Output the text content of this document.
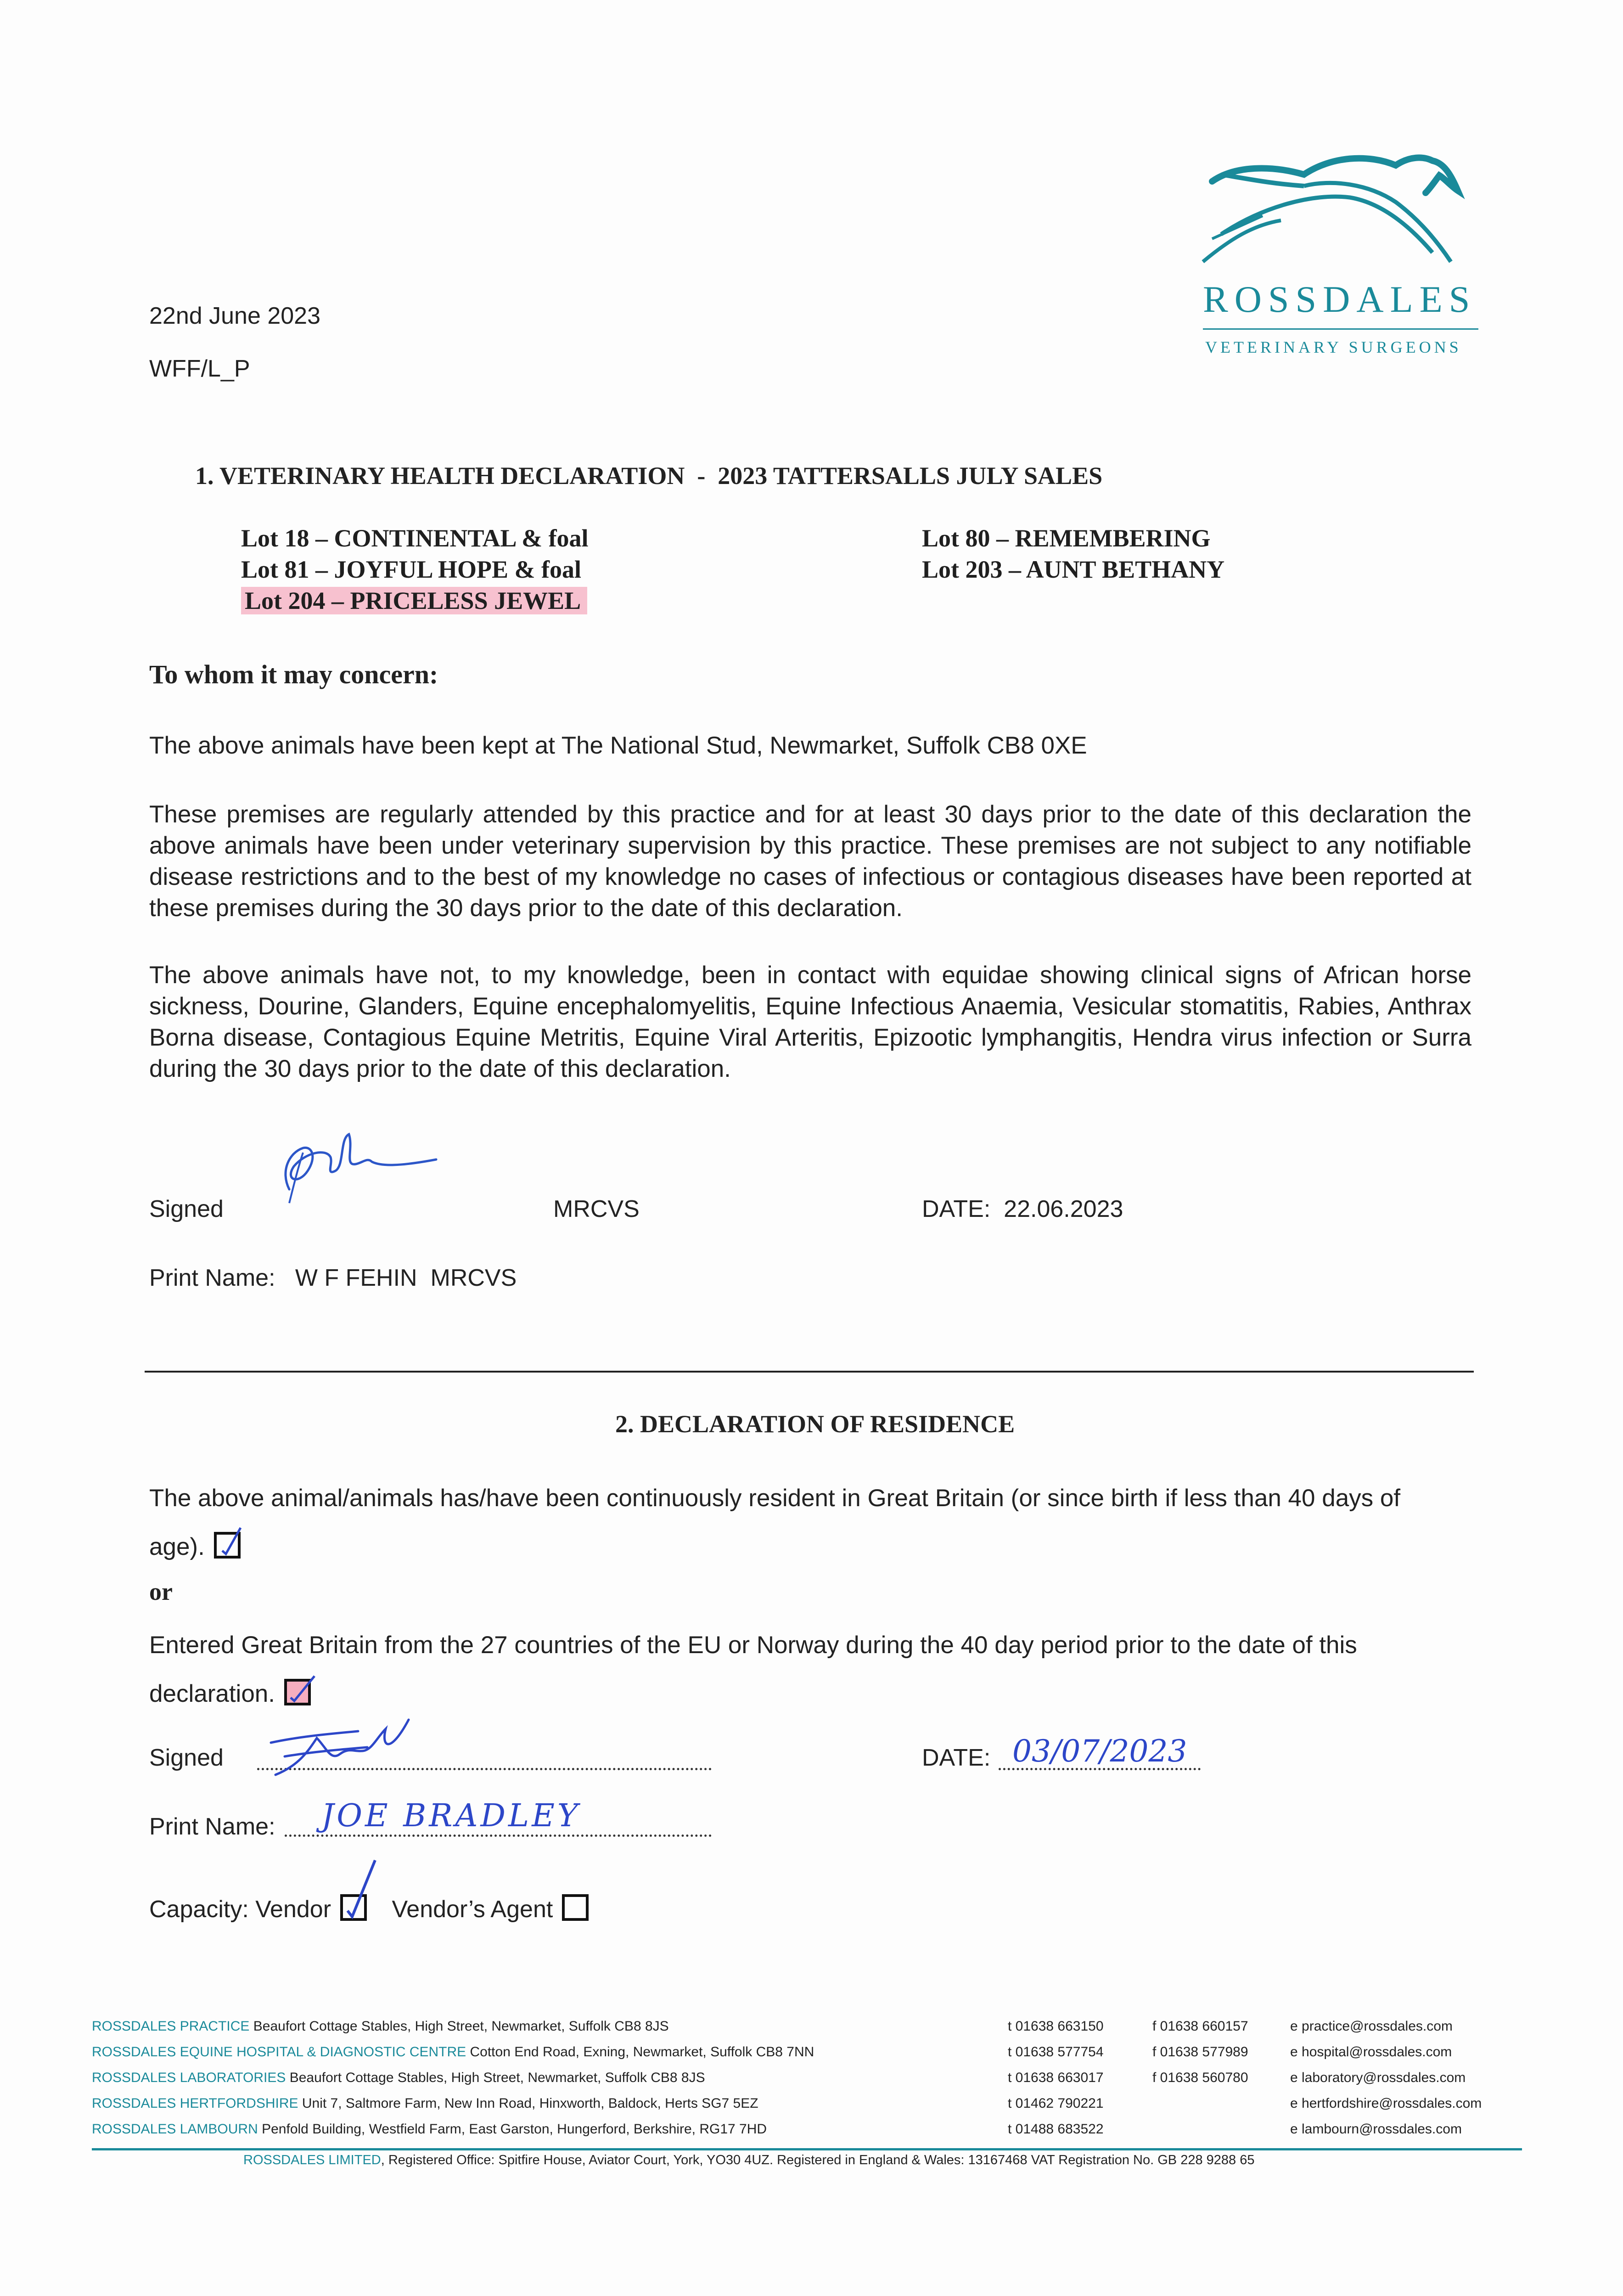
ROSSDALES
VETERINARY SURGEONS
22nd June 2023
WFF/L_P
1. VETERINARY HEALTH DECLARATION  -  2023 TATTERSALLS JULY SALES
Lot 18 – CONTINENTAL & foal
Lot 81 – JOYFUL HOPE & foal
Lot 204 – PRICELESS JEWEL
Lot 80 – REMEMBERING
Lot 203 – AUNT BETHANY
To whom it may concern:
The above animals have been kept at The National Stud, Newmarket, Suffolk CB8 0XE
These premises are regularly attended by this practice and for at least 30 days prior to the date of this declaration the above animals have been under veterinary supervision by this practice. These premises are not subject to any notifiable disease restrictions and to the best of my knowledge no cases of infectious or contagious diseases have been reported at these premises during the 30 days prior to the date of this declaration.
The above animals have not, to my knowledge, been in contact with equidae showing clinical signs of African horse sickness, Dourine, Glanders, Equine encephalomyelitis, Equine Infectious Anaemia, Vesicular stomatitis, Rabies, Anthrax Borna disease, Contagious Equine Metritis, Equine Viral Arteritis, Epizootic lymphangitis, Hendra virus infection or Surra during the 30 days prior to the date of this declaration.
Signed	MRCVS	DATE:  22.06.2023
Print Name:   W F FEHIN  MRCVS
2. DECLARATION OF RESIDENCE
The above animal/animals has/have been continuously resident in Great Britain (or since birth if less than 40 days of age).
or
Entered Great Britain from the 27 countries of the EU or Norway during the 40 day period prior to the date of this declaration.
Signed	DATE: 03/07/2023
Print Name: JOE BRADLEY
Capacity: Vendor	Vendor’s Agent
ROSSDALES PRACTICE Beaufort Cottage Stables, High Street, Newmarket, Suffolk CB8 8JS	t 01638 663150	f 01638 660157	e practice@rossdales.com
ROSSDALES EQUINE HOSPITAL & DIAGNOSTIC CENTRE Cotton End Road, Exning, Newmarket, Suffolk CB8 7NN	t 01638 577754	f 01638 577989	e hospital@rossdales.com
ROSSDALES LABORATORIES Beaufort Cottage Stables, High Street, Newmarket, Suffolk CB8 8JS	t 01638 663017	f 01638 560780	e laboratory@rossdales.com
ROSSDALES HERTFORDSHIRE Unit 7, Saltmore Farm, New Inn Road, Hinxworth, Baldock, Herts SG7 5EZ	t 01462 790221	e hertfordshire@rossdales.com
ROSSDALES LAMBOURN Penfold Building, Westfield Farm, East Garston, Hungerford, Berkshire, RG17 7HD	t 01488 683522	e lambourn@rossdales.com
ROSSDALES LIMITED, Registered Office: Spitfire House, Aviator Court, York, YO30 4UZ. Registered in England & Wales: 13167468 VAT Registration No. GB 228 9288 65
